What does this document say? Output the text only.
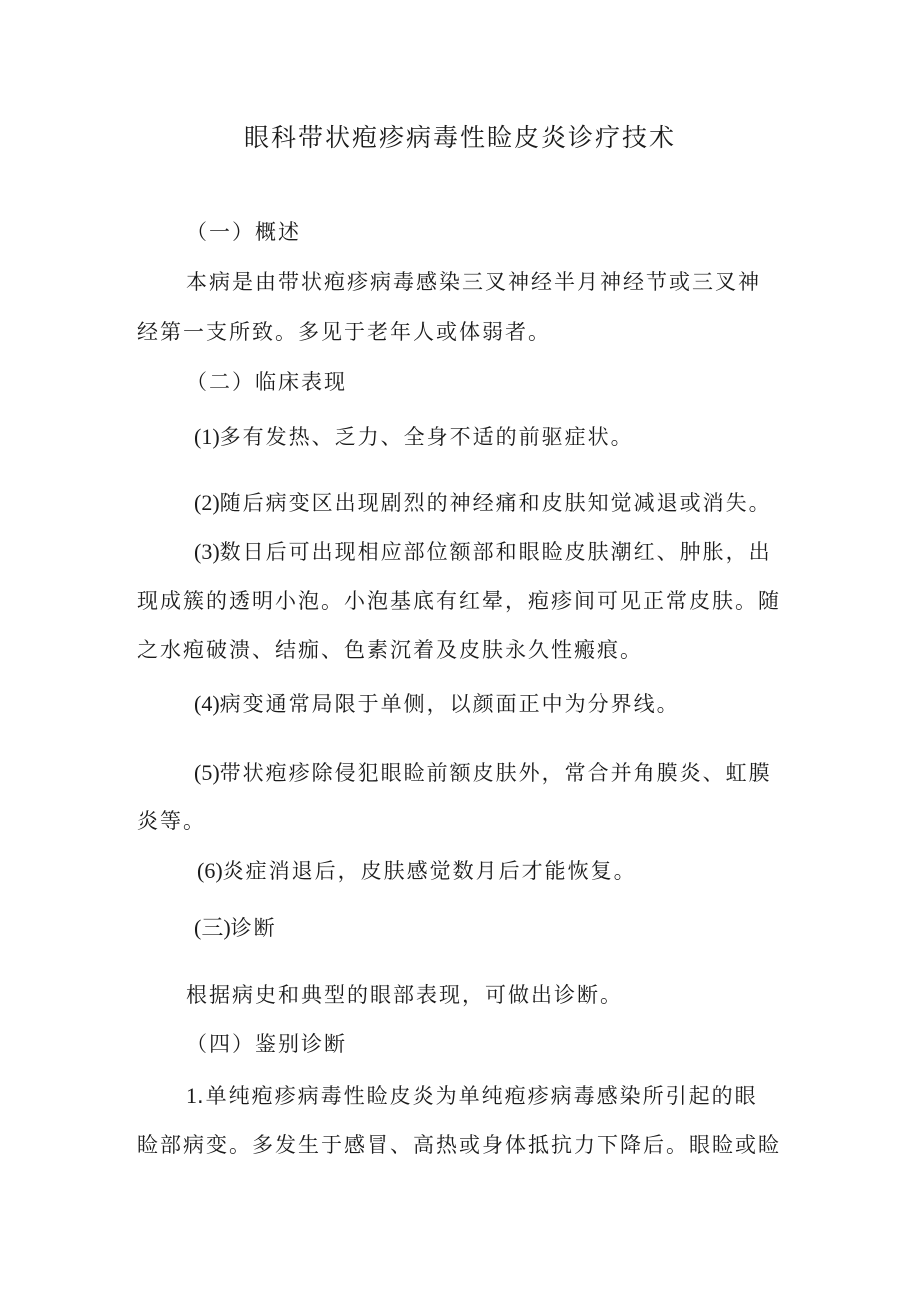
眼科带状疱疹病毒性睑皮炎诊疗技术
（一）概述
本病是由带状疱疹病毒感染三叉神经半月神经节或三叉神
经第一支所致。多见于老年人或体弱者。
（二）临床表现
(1)多有发热、乏力、全身不适的前驱症状。
(2)随后病变区出现剧烈的神经痛和皮肤知觉减退或消失。
(3)数日后可出现相应部位额部和眼睑皮肤潮红、肿胀，出
现成簇的透明小泡。小泡基底有红晕，疱疹间可见正常皮肤。随
之水疱破溃、结痂、色素沉着及皮肤永久性瘢痕。
(4)病变通常局限于单侧，以颜面正中为分界线。
(5)带状疱疹除侵犯眼睑前额皮肤外，常合并角膜炎、虹膜
炎等。
(6)炎症消退后，皮肤感觉数月后才能恢复。
(三)诊断
根据病史和典型的眼部表现，可做出诊断。
（四）鉴别诊断
1.单纯疱疹病毒性睑皮炎为单纯疱疹病毒感染所引起的眼
睑部病变。多发生于感冒、高热或身体抵抗力下降后。眼睑或睑
